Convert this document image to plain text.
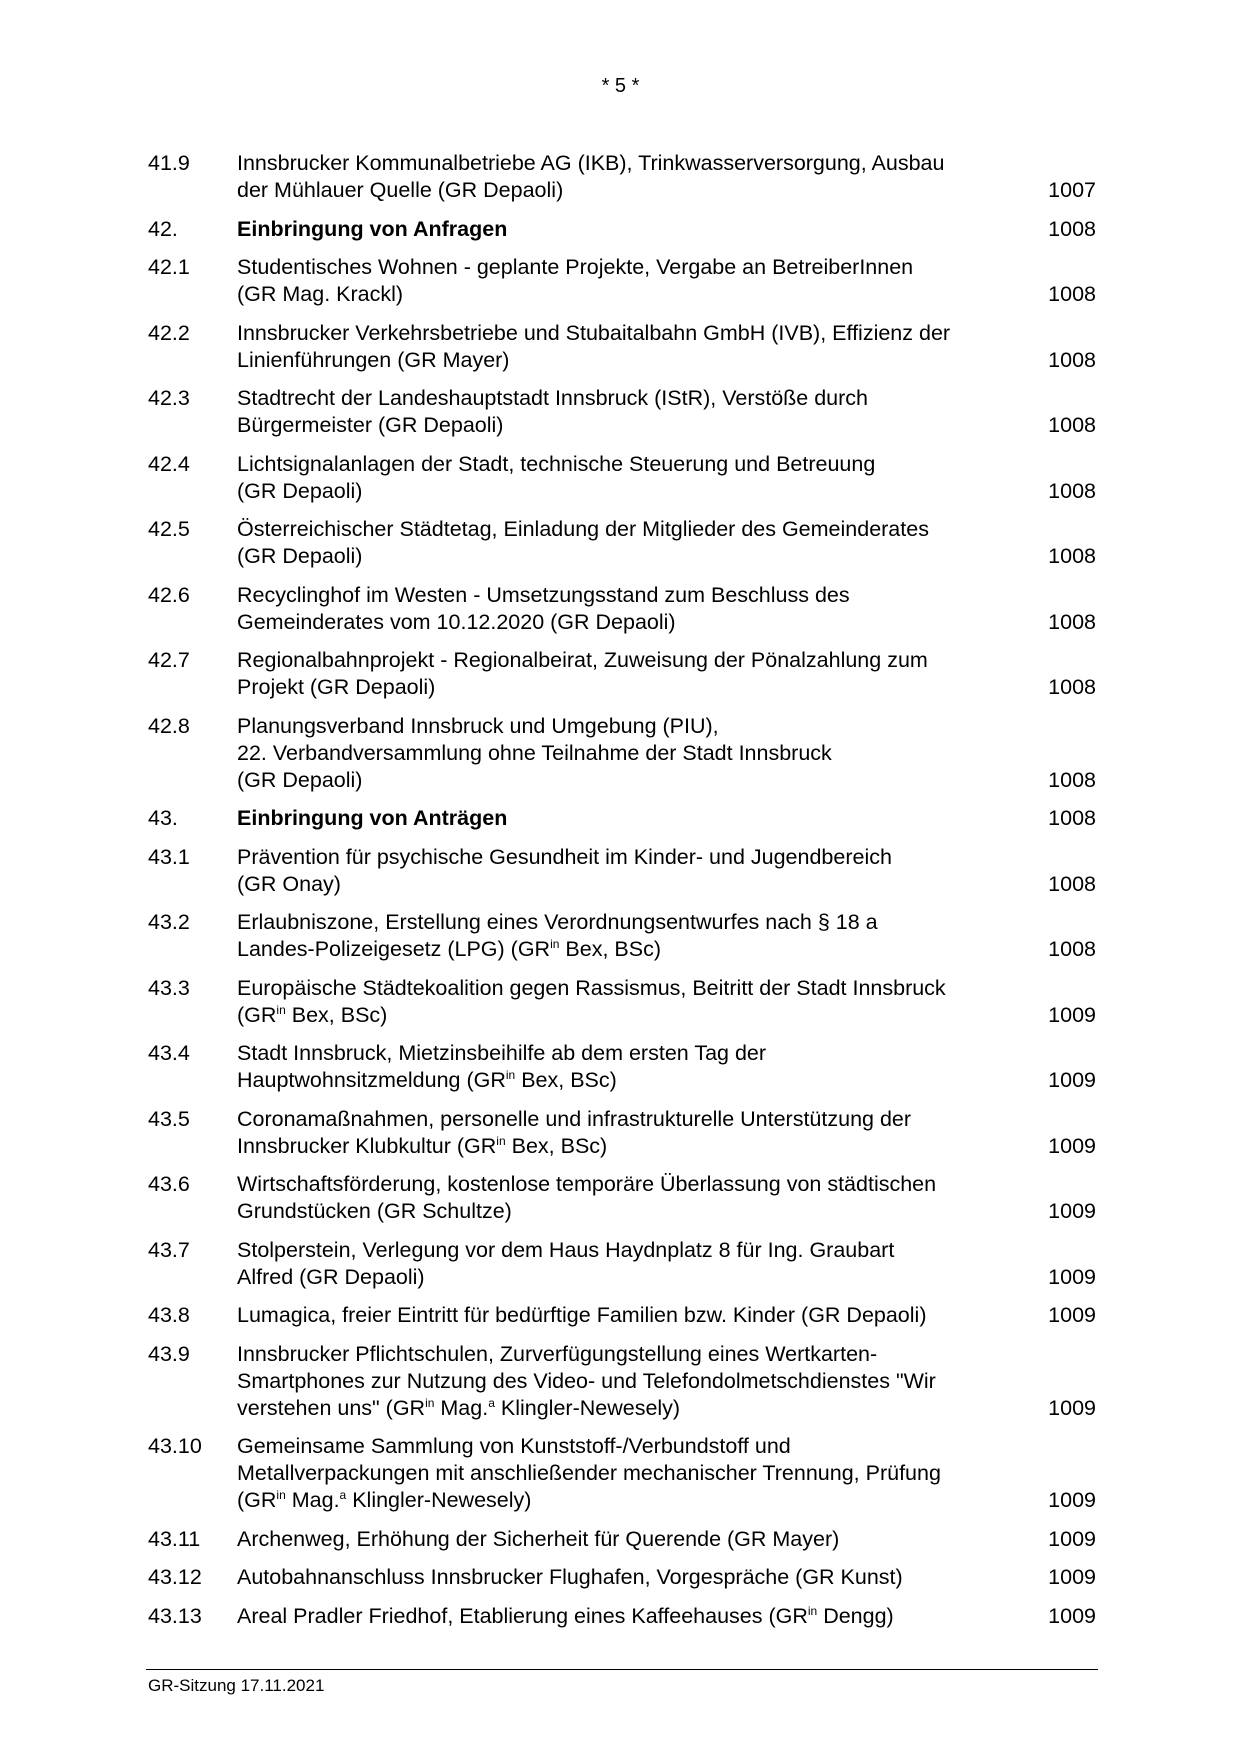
* 5 *
41.9	Innsbrucker Kommunalbetriebe AG (IKB), Trinkwasserversorgung, Ausbau
der Mühlauer Quelle (GR Depaoli)	1007
42.	Einbringung von Anfragen	1008
42.1	Studentisches Wohnen - geplante Projekte, Vergabe an BetreiberInnen
(GR Mag. Krackl)	1008
42.2	Innsbrucker Verkehrsbetriebe und Stubaitalbahn GmbH (IVB), Effizienz der
Linienführungen (GR Mayer)	1008
42.3	Stadtrecht der Landeshauptstadt Innsbruck (IStR), Verstöße durch
Bürgermeister (GR Depaoli)	1008
42.4	Lichtsignalanlagen der Stadt, technische Steuerung und Betreuung
(GR Depaoli)	1008
42.5	Österreichischer Städtetag, Einladung der Mitglieder des Gemeinderates
(GR Depaoli)	1008
42.6	Recyclinghof im Westen - Umsetzungsstand zum Beschluss des
Gemeinderates vom 10.12.2020 (GR Depaoli)	1008
42.7	Regionalbahnprojekt - Regionalbeirat, Zuweisung der Pönalzahlung zum
Projekt (GR Depaoli)	1008
42.8	Planungsverband Innsbruck und Umgebung (PIU),
22. Verbandversammlung ohne Teilnahme der Stadt Innsbruck
(GR Depaoli)	1008
43.	Einbringung von Anträgen	1008
43.1	Prävention für psychische Gesundheit im Kinder- und Jugendbereich
(GR Onay)	1008
43.2	Erlaubniszone, Erstellung eines Verordnungsentwurfes nach § 18 a
Landes-Polizeigesetz (LPG) ($GR^{in}$ Bex, BSc)	1008
43.3	Europäische Städtekoalition gegen Rassismus, Beitritt der Stadt Innsbruck
($GR^{in}$ Bex, BSc)	1009
43.4	Stadt Innsbruck, Mietzinsbeihilfe ab dem ersten Tag der
Hauptwohnsitzmeldung ($GR^{in}$ Bex, BSc)	1009
43.5	Coronamaßnahmen, personelle und infrastrukturelle Unterstützung der
Innsbrucker Klubkultur ($GR^{in}$ Bex, BSc)	1009
43.6	Wirtschaftsförderung, kostenlose temporäre Überlassung von städtischen
Grundstücken (GR Schultze)	1009
43.7	Stolperstein, Verlegung vor dem Haus Haydnplatz 8 für Ing. Graubart
Alfred (GR Depaoli)	1009
43.8	Lumagica, freier Eintritt für bedürftige Familien bzw. Kinder (GR Depaoli)	1009
43.9	Innsbrucker Pflichtschulen, Zurverfügungstellung eines Wertkarten-
Smartphones zur Nutzung des Video- und Telefondolmetschdienstes "Wir
verstehen uns" ($GR^{in}$ Mag.$^a$ Klingler-Newesely)	1009
43.10	Gemeinsame Sammlung von Kunststoff-/Verbundstoff und
Metallverpackungen mit anschließender mechanischer Trennung, Prüfung
($GR^{in}$ Mag.$^a$ Klingler-Newesely)	1009
43.11	Archenweg, Erhöhung der Sicherheit für Querende (GR Mayer)	1009
43.12	Autobahnanschluss Innsbrucker Flughafen, Vorgespräche (GR Kunst)	1009
43.13	Areal Pradler Friedhof, Etablierung eines Kaffeehauses ($GR^{in}$ Dengg)	1009
GR-Sitzung 17.11.2021
